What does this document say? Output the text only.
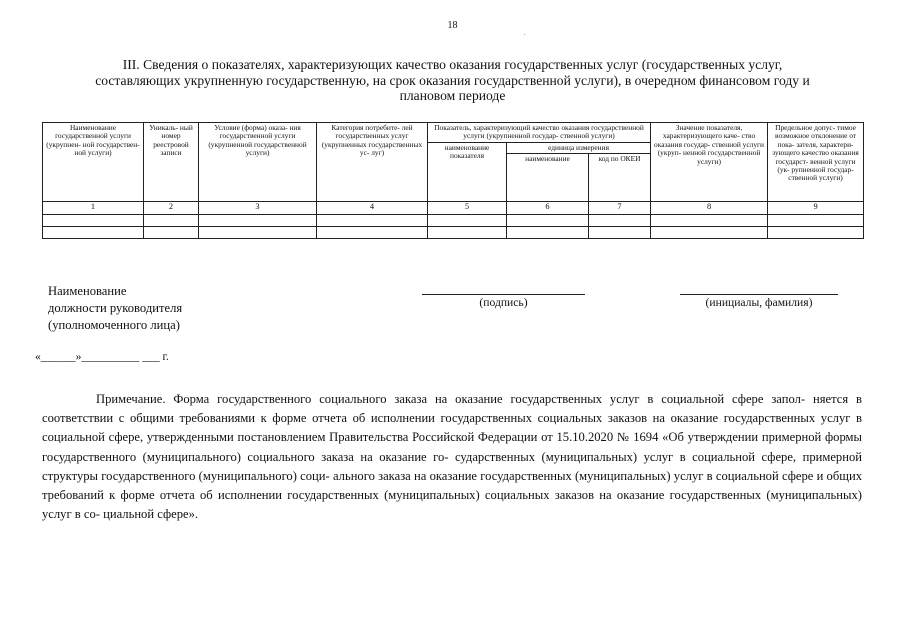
18
.
III. Сведения о показателях, характеризующих качество оказания государственных услуг (государственных услуг, составляющих укрупненную государственную, на срок оказания государственной услуги), в очередном финансовом году и плановом периоде
Наименование государственной услуги (укрупнен- ной государствен- ной услуги)	Уникаль- ный номер реестровой записи	Условие (форма) оказа- ния государственной услуги (укрупненной государственной услуги)	Категория потребите- лей государственных услуг (укрупненных государственных ус- луг)	Показатель, характеризующий качество оказания государственной услуги (укрупненной государ- ственной услуги)			Значение показателя, характеризующего каче- ство оказания государ- ственной услуги (укруп- ненной государственной услуги)	Предельное допус- тимое возможное отклонение от пока- зателя, характери- зующего качество оказания государст- венной услуги (ук- рупненной государ- ственной услуги)
				наименование показателя	единица измерения			
					наименование	код по ОКЕИ		
1	2	3	4	5	6	7	8	9

Наименование
должности руководителя
(уполномоченного лица)
(подпись)	(инициалы, фамилия)
«______»__________ ___ г.
Примечание. Форма государственного социального заказа на оказание государственных услуг в социальной сфере запол- няется в соответствии с общими требованиями к форме отчета об исполнении государственных социальных заказов на оказание государственных услуг в социальной сфере, утвержденными постановлением Правительства Российской Федерации от 15.10.2020 № 1694 «Об утверждении примерной формы государственного (муниципального) социального заказа на оказание го- сударственных (муниципальных) услуг в социальной сфере, примерной структуры государственного (муниципального) соци- ального заказа на оказание государственных (муниципальных) услуг в социальной сфере и общих требований к форме отчета об исполнении государственных (муниципальных) социальных заказов на оказание государственных (муниципальных) услуг в со- циальной сфере».
